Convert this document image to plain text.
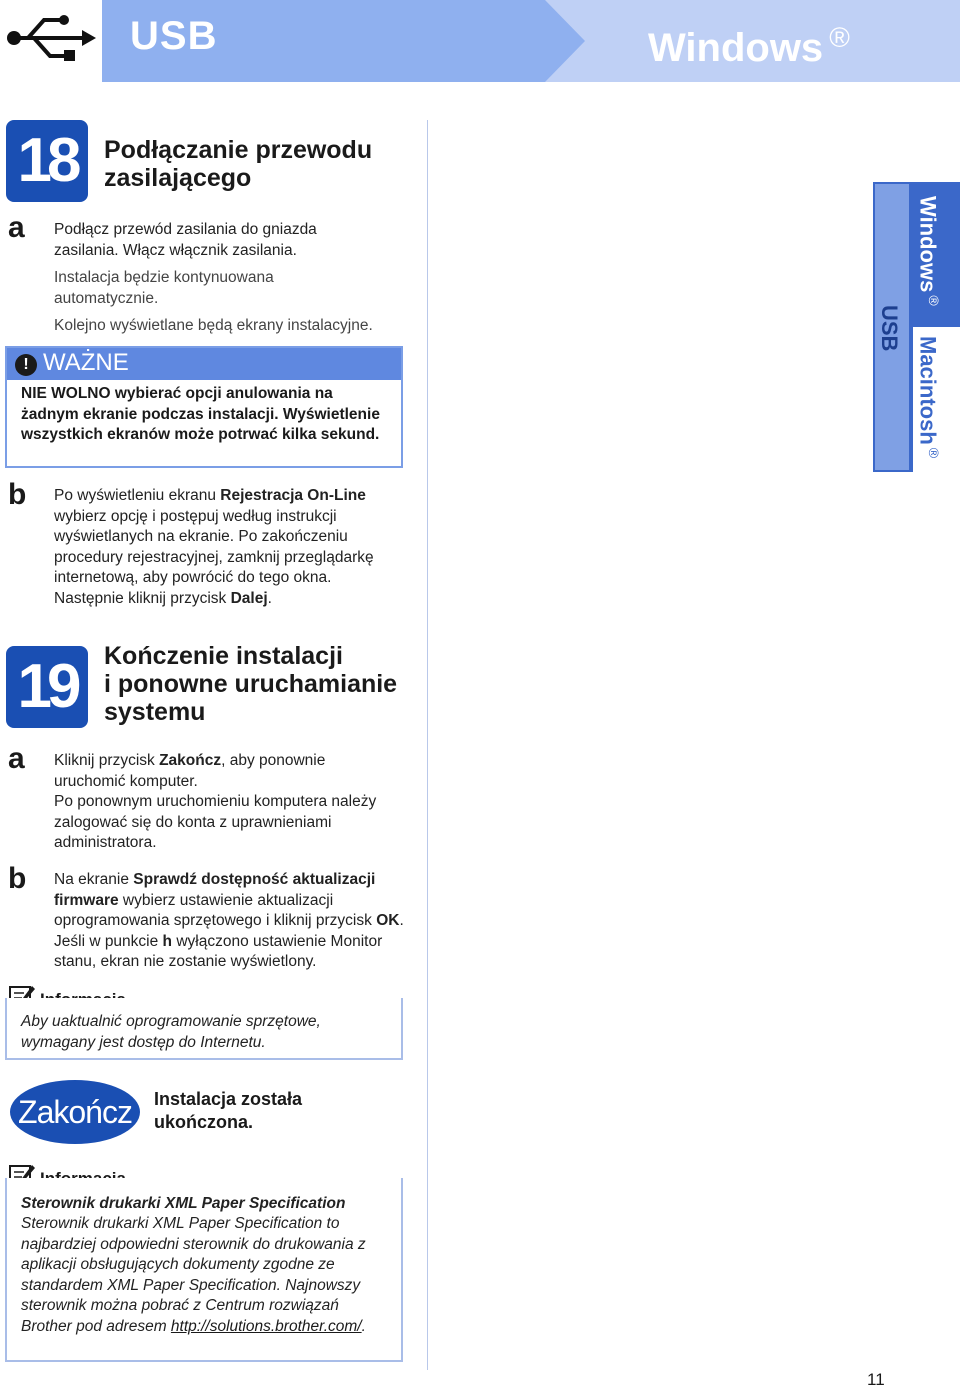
USB	Windows ®
18	Podłączanie przewodu
zasilającego
a Podłącz przewód zasilania do gniazda zasilania. Włącz włącznik zasilania.
Instalacja będzie kontynuowana automatycznie.
Kolejno wyświetlane będą ekrany instalacyjne.
! WAŻNE
NIE WOLNO wybierać opcji anulowania na żadnym ekranie podczas instalacji. Wyświetlenie wszystkich ekranów może potrwać kilka sekund.
b Po wyświetleniu ekranu Rejestracja On-Line wybierz opcję i postępuj według instrukcji wyświetlanych na ekranie. Po zakończeniu procedury rejestracyjnej, zamknij przeglądarkę internetową, aby powrócić do tego okna. Następnie kliknij przycisk Dalej.
19	Kończenie instalacji
i ponowne uruchamianie
systemu
a Kliknij przycisk Zakończ, aby ponownie uruchomić komputer.
Po ponownym uruchomieniu komputera należy zalogować się do konta z uprawnieniami administratora.
b Na ekranie Sprawdź dostępność aktualizacji firmware wybierz ustawienie aktualizacji oprogramowania sprzętowego i kliknij przycisk OK. Jeśli w punkcie h wyłączono ustawienie Monitor stanu, ekran nie zostanie wyświetlony.
Aby uaktualnić oprogramowanie sprzętowe, wymagany jest dostęp do Internetu.
Zakończ	Instalacja została
ukończona.
Sterownik drukarki XML Paper Specification
Sterownik drukarki XML Paper Specification to najbardziej odpowiedni sterownik do drukowania z aplikacji obsługujących dokumenty zgodne ze standardem XML Paper Specification. Najnowszy sterownik można pobrać z Centrum rozwiązań Brother pod adresem http://solutions.brother.com/.
USB
Windows®
Macintosh®
11
